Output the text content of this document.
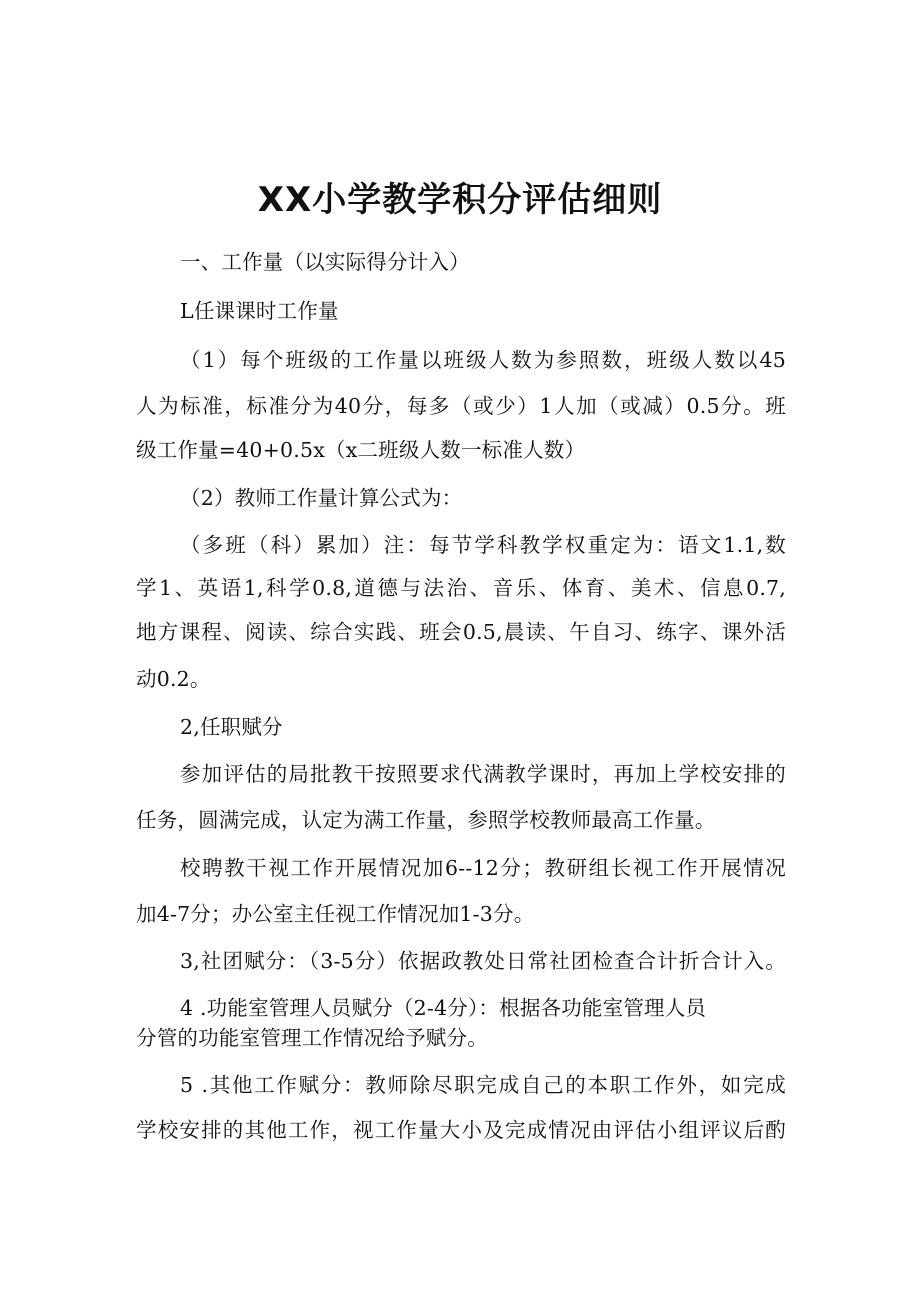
XX小学教学积分评估细则
一、工作量（以实际得分计入）
L任课课时工作量
（1）每个班级的工作量以班级人数为参照数，班级人数以45
人为标准，标准分为40分，每多（或少）1人加（或减）0.5分。班
级工作量=40+0.5x（x二班级人数一标准人数）
（2）教师工作量计算公式为：
（多班（科）累加）注：每节学科教学权重定为：语文1.1,数
学1、英语1,科学0.8,道德与法治、音乐、体育、美术、信息0.7,
地方课程、阅读、综合实践、班会0.5,晨读、午自习、练字、课外活
动0.2。
2,任职赋分
参加评估的局批教干按照要求代满教学课时，再加上学校安排的
任务，圆满完成，认定为满工作量，参照学校教师最高工作量。
校聘教干视工作开展情况加6--12分；教研组长视工作开展情况
加4-7分；办公室主任视工作情况加1-3分。
3,社团赋分：（3-5分）依据政教处日常社团检查合计折合计入。
4 .功能室管理人员赋分（2-4分）：根据各功能室管理人员
分管的功能室管理工作情况给予赋分。
5 .其他工作赋分：教师除尽职完成自己的本职工作外，如完成
学校安排的其他工作，视工作量大小及完成情况由评估小组评议后酌
